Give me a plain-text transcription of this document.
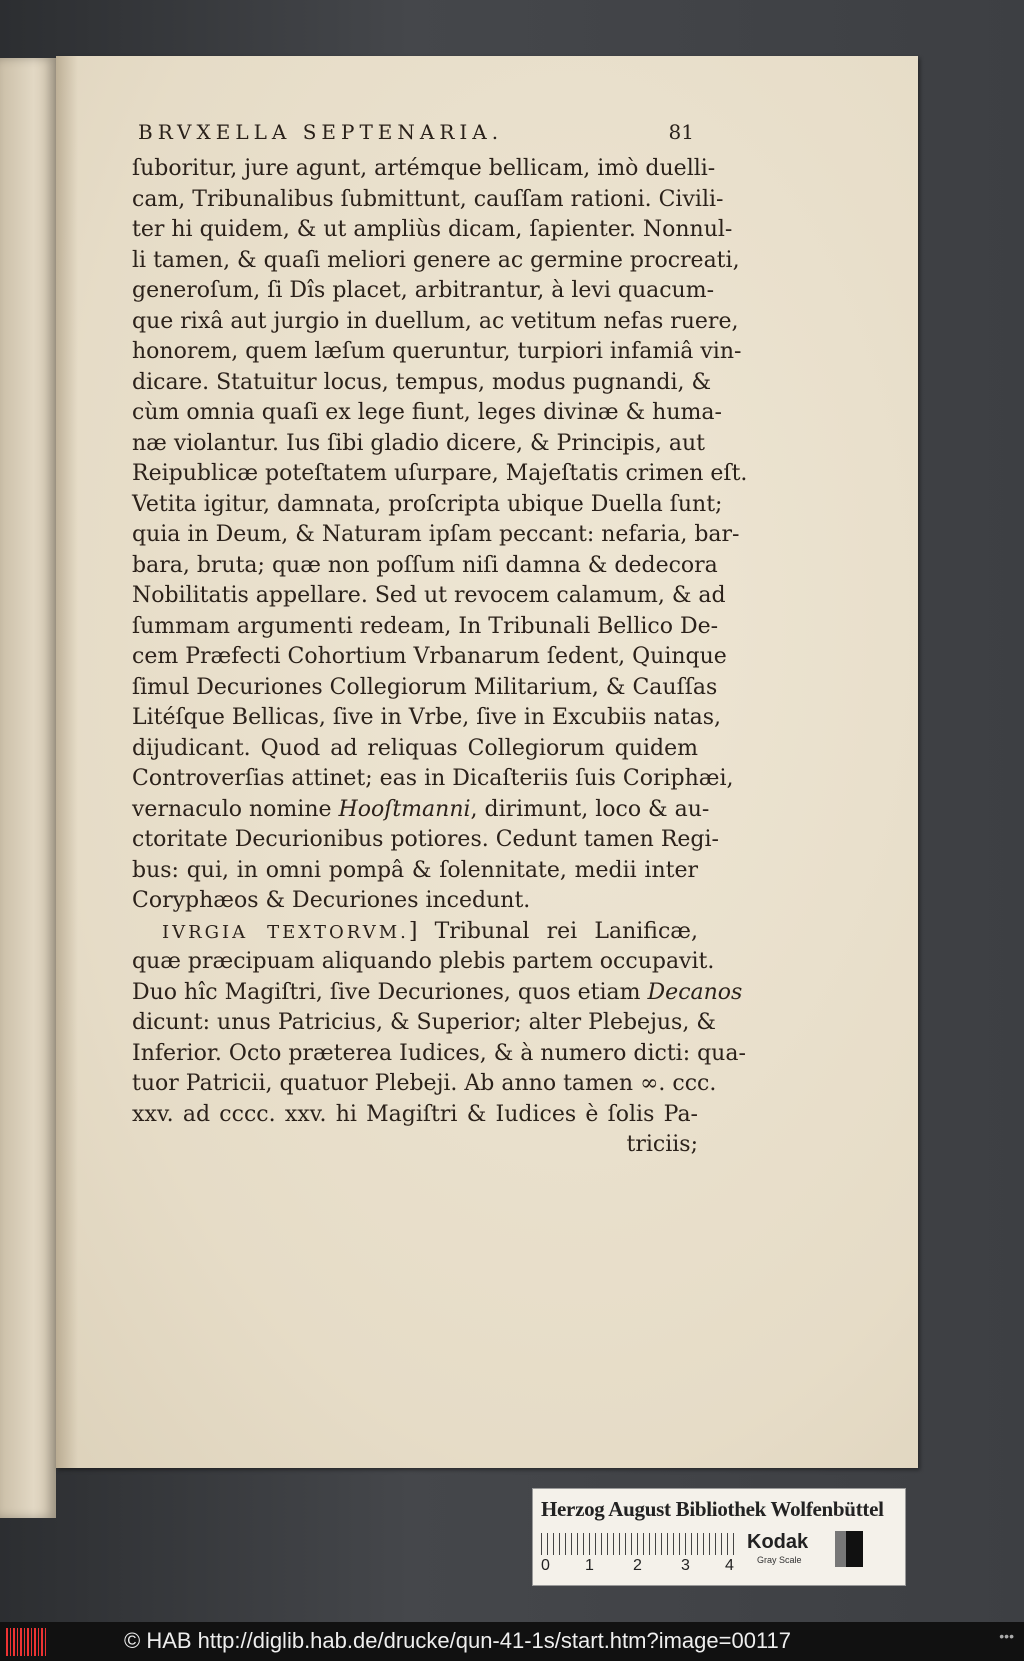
BRVXELLA SEPTENARIA.	81
ſuboritur, jure agunt, artémque bellicam, imò duelli-
cam, Tribunalibus ſubmittunt, cauſſam rationi. Civili-
ter hi quidem, & ut ampliùs dicam, ſapienter. Nonnul-
li tamen, & quaſi meliori genere ac germine procreati,
generoſum, ſi Dîs placet, arbitrantur, à levi quacum-
que rixâ aut jurgio in duellum, ac vetitum nefas ruere,
honorem, quem læſum queruntur, turpiori infamiâ vin-
dicare. Statuitur locus, tempus, modus pugnandi, &
cùm omnia quaſi ex lege fiunt, leges divinæ & huma-
næ violantur. Ius ſibi gladio dicere, & Principis, aut
Reipublicæ poteſtatem uſurpare, Majeſtatis crimen eſt.
Vetita igitur, damnata, proſcripta ubique Duella ſunt;
quia in Deum, & Naturam ipſam peccant: nefaria, bar-
bara, bruta; quæ non poſſum niſi damna & dedecora
Nobilitatis appellare. Sed ut revocem calamum, & ad
ſummam argumenti redeam, In Tribunali Bellico De-
cem Præfecti Cohortium Vrbanarum ſedent, Quinque
ſimul Decuriones Collegiorum Militarium, & Cauſſas
Litéſque Bellicas, ſive in Vrbe, ſive in Excubiis natas,
dijudicant. Quod ad reliquas Collegiorum quidem
Controverſias attinet; eas in Dicaſteriis ſuis Coriphæi,
vernaculo nomine Hooſtmanni, dirimunt, loco & au-
ctoritate Decurionibus potiores. Cedunt tamen Regi-
bus: qui, in omni pompâ & ſolennitate, medii inter
Coryphæos & Decuriones incedunt.
IVRGIA TEXTORVM.] Tribunal rei Lanificæ,
quæ præcipuam aliquando plebis partem occupavit.
Duo hîc Magiſtri, ſive Decuriones, quos etiam Decanos
dicunt: unus Patricius, & Superior; alter Plebejus, &
Inferior. Octo præterea Iudices, & à numero dicti: qua-
tuor Patricii, quatuor Plebeji. Ab anno tamen ∞. ccc.
xxv. ad cccc. xxv. hi Magiſtri & Iudices è ſolis Pa-
triciis;
Herzog August Bibliothek Wolfenbüttel
0 1 2 3 4
Kodak
Gray Scale
© HAB http://diglib.hab.de/drucke/qun-41-1s/start.htm?image=00117	•••
